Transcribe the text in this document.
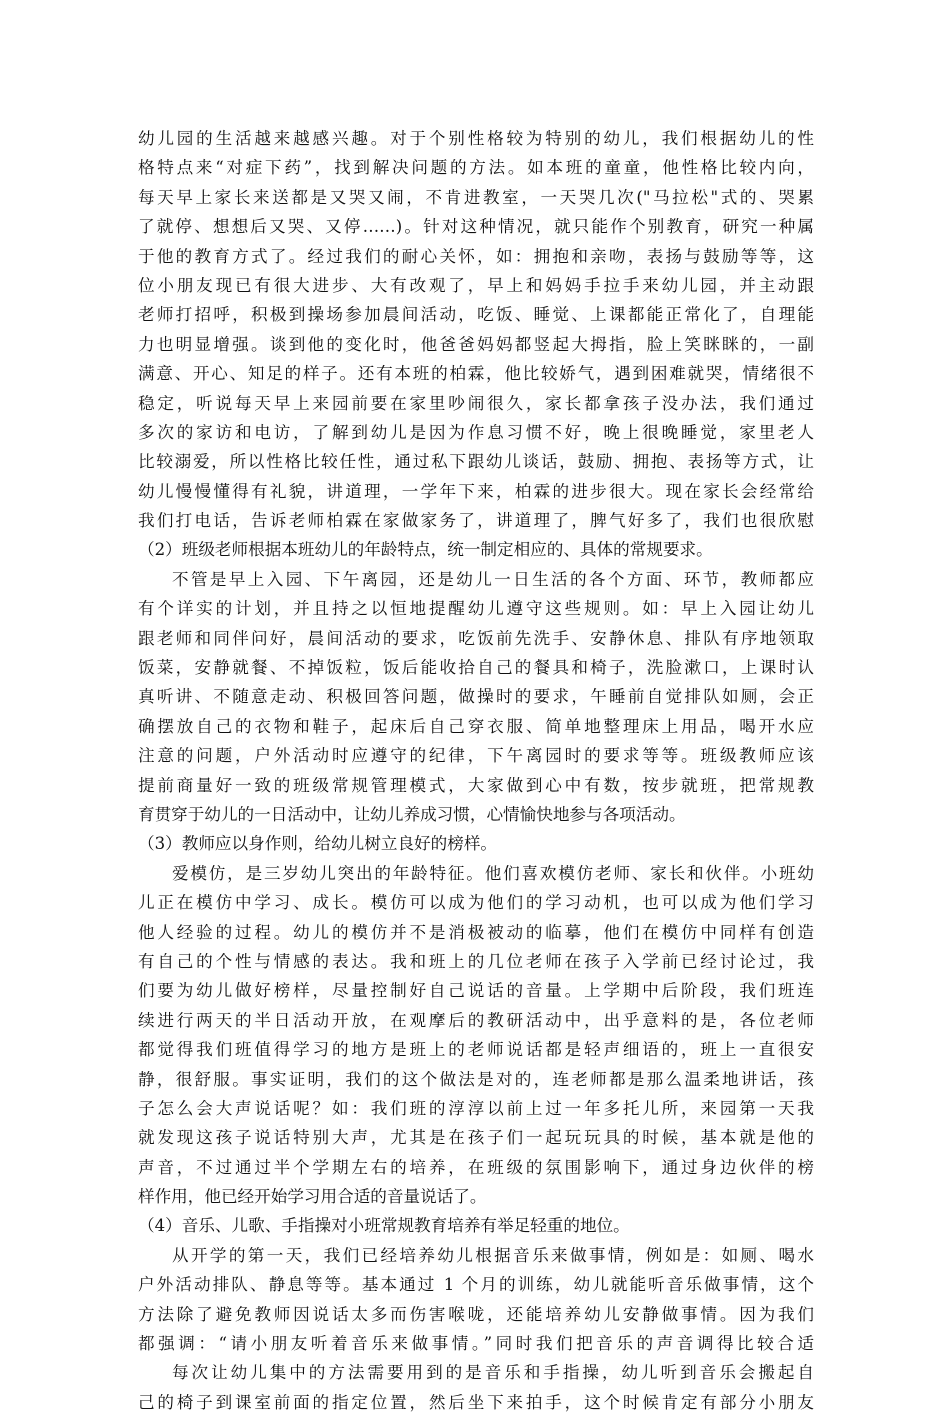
幼儿园的生活越来越感兴趣。对于个别性格较为特别的幼儿，我们根据幼儿的性
格特点来“对症下药”，找到解决问题的方法。如本班的童童，他性格比较内向，
每天早上家长来送都是又哭又闹，不肯进教室，一天哭几次("马拉松"式的、哭累
了就停、想想后又哭、又停……)。针对这种情况，就只能作个别教育，研究一种属
于他的教育方式了。经过我们的耐心关怀，如：拥抱和亲吻，表扬与鼓励等等，这
位小朋友现已有很大进步、大有改观了，早上和妈妈手拉手来幼儿园，并主动跟
老师打招呼，积极到操场参加晨间活动，吃饭、睡觉、上课都能正常化了，自理能
力也明显增强。谈到他的变化时，他爸爸妈妈都竖起大拇指，脸上笑眯眯的，一副
满意、开心、知足的样子。还有本班的柏霖，他比较娇气，遇到困难就哭，情绪很不
稳定，听说每天早上来园前要在家里吵闹很久，家长都拿孩子没办法，我们通过
多次的家访和电访，了解到幼儿是因为作息习惯不好，晚上很晚睡觉，家里老人
比较溺爱，所以性格比较任性，通过私下跟幼儿谈话，鼓励、拥抱、表扬等方式，让
幼儿慢慢懂得有礼貌，讲道理，一学年下来，柏霖的进步很大。现在家长会经常给
我们打电话，告诉老师柏霖在家做家务了，讲道理了，脾气好多了，我们也很欣慰
（2）班级老师根据本班幼儿的年龄特点，统一制定相应的、具体的常规要求。
不管是早上入园、下午离园，还是幼儿一日生活的各个方面、环节，教师都应
有个详实的计划，并且持之以恒地提醒幼儿遵守这些规则。如：早上入园让幼儿
跟老师和同伴问好，晨间活动的要求，吃饭前先洗手、安静休息、排队有序地领取
饭菜，安静就餐、不掉饭粒，饭后能收拾自己的餐具和椅子，洗脸漱口，上课时认
真听讲、不随意走动、积极回答问题，做操时的要求，午睡前自觉排队如厕，会正
确摆放自己的衣物和鞋子，起床后自己穿衣服、简单地整理床上用品，喝开水应
注意的问题，户外活动时应遵守的纪律，下午离园时的要求等等。班级教师应该
提前商量好一致的班级常规管理模式，大家做到心中有数，按步就班，把常规教
育贯穿于幼儿的一日活动中，让幼儿养成习惯，心情愉快地参与各项活动。
（3）教师应以身作则，给幼儿树立良好的榜样。
爱模仿，是三岁幼儿突出的年龄特征。他们喜欢模仿老师、家长和伙伴。小班幼
儿正在模仿中学习、成长。模仿可以成为他们的学习动机，也可以成为他们学习
他人经验的过程。幼儿的模仿并不是消极被动的临摹，他们在模仿中同样有创造
有自己的个性与情感的表达。我和班上的几位老师在孩子入学前已经讨论过，我
们要为幼儿做好榜样，尽量控制好自己说话的音量。上学期中后阶段，我们班连
续进行两天的半日活动开放，在观摩后的教研活动中，出乎意料的是，各位老师
都觉得我们班值得学习的地方是班上的老师说话都是轻声细语的，班上一直很安
静，很舒服。事实证明，我们的这个做法是对的，连老师都是那么温柔地讲话，孩
子怎么会大声说话呢？如：我们班的淳淳以前上过一年多托儿所，来园第一天我
就发现这孩子说话特别大声，尤其是在孩子们一起玩玩具的时候，基本就是他的
声音，不过通过半个学期左右的培养，在班级的氛围影响下，通过身边伙伴的榜
样作用，他已经开始学习用合适的音量说话了。
（4）音乐、儿歌、手指操对小班常规教育培养有举足轻重的地位。
从开学的第一天，我们已经培养幼儿根据音乐来做事情，例如是：如厕、喝水
户外活动排队、静息等等。基本通过 1 个月的训练，幼儿就能听音乐做事情，这个
方法除了避免教师因说话太多而伤害喉咙，还能培养幼儿安静做事情。因为我们
都强调：“请小朋友听着音乐来做事情。”同时我们把音乐的声音调得比较合适
每次让幼儿集中的方法需要用到的是音乐和手指操，幼儿听到音乐会搬起自
己的椅子到课室前面的指定位置，然后坐下来拍手，这个时候肯定有部分小朋友
